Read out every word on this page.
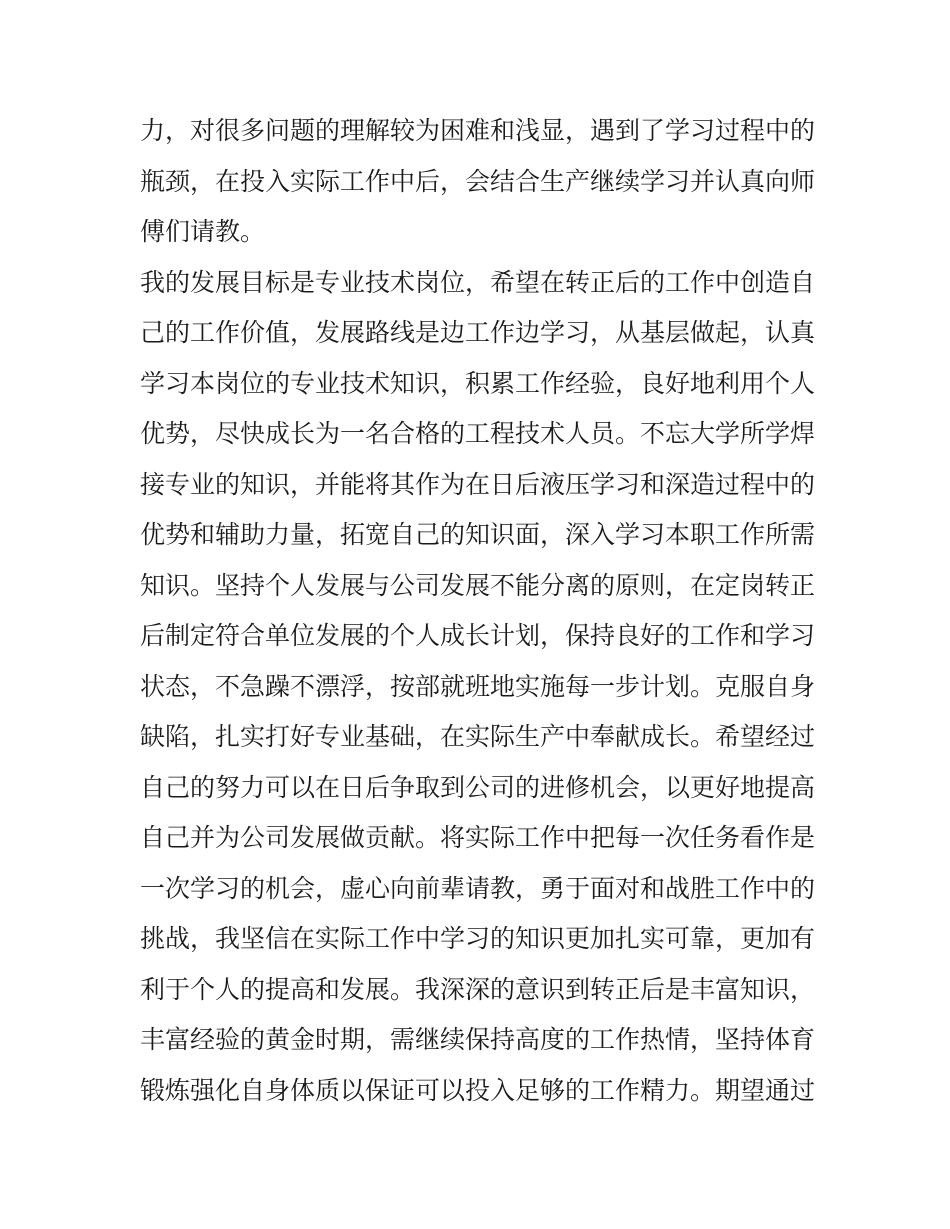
力，对很多问题的理解较为困难和浅显，遇到了学习过程中的
瓶颈，在投入实际工作中后，会结合生产继续学习并认真向师
傅们请教。
我的发展目标是专业技术岗位，希望在转正后的工作中创造自
己的工作价值，发展路线是边工作边学习，从基层做起，认真
学习本岗位的专业技术知识，积累工作经验，良好地利用个人
优势，尽快成长为一名合格的工程技术人员。不忘大学所学焊
接专业的知识，并能将其作为在日后液压学习和深造过程中的
优势和辅助力量，拓宽自己的知识面，深入学习本职工作所需
知识。坚持个人发展与公司发展不能分离的原则，在定岗转正
后制定符合单位发展的个人成长计划，保持良好的工作和学习
状态，不急躁不漂浮，按部就班地实施每一步计划。克服自身
缺陷，扎实打好专业基础，在实际生产中奉献成长。希望经过
自己的努力可以在日后争取到公司的进修机会，以更好地提高
自己并为公司发展做贡献。将实际工作中把每一次任务看作是
一次学习的机会，虚心向前辈请教，勇于面对和战胜工作中的
挑战，我坚信在实际工作中学习的知识更加扎实可靠，更加有
利于个人的提高和发展。我深深的意识到转正后是丰富知识，
丰富经验的黄金时期，需继续保持高度的工作热情，坚持体育
锻炼强化自身体质以保证可以投入足够的工作精力。期望通过
